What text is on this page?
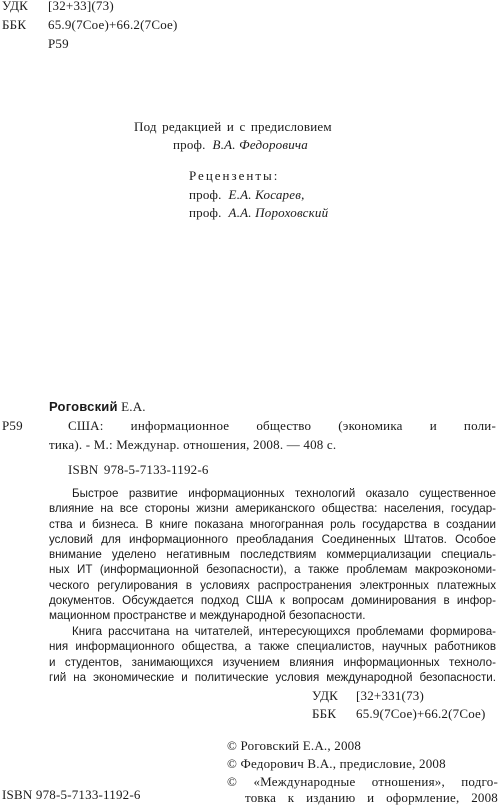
УДК [32+33](73)
ББК 65.9(7Сое)+66.2(7Сое)
Р59
Под редакцией и с предисловием
проф. В.А. Федоровича
Рецензенты:
проф. Е.А. Косарев,
проф. А.А. Пороховский
Роговский Е.А.
Р59	США: информационное общество (экономика и поли-
тика). - М.: Междунар. отношения, 2008. — 408 с.
ISBN 978-5-7133-1192-6
Быстрое развитие информационных технологий оказало существенное
влияние на все стороны жизни американского общества: населения, государ-
ства и бизнеса. В книге показана многогранная роль государства в создании
условий для информационного преобладания Соединенных Штатов. Особое
внимание уделено негативным последствиям коммерциализации специаль-
ных ИТ (информационной безопасности), а также проблемам макроэкономи-
ческого регулирования в условиях распространения электронных платежных
документов. Обсуждается подход США к вопросам доминирования в инфор-
мационном пространстве и международной безопасности.
Книга рассчитана на читателей, интересующихся проблемами формирова-
ния информационного общества, а также специалистов, научных работников
и студентов, занимающихся изучением влияния информационных техноло-
гий на экономические и политические условия международной безопасности.
УДК [32+331(73)
ББК 65.9(7Сое)+66.2(7Сое)
© Роговский Е.А., 2008
© Федорович В.А., предисловие, 2008
© «Международные отношения», подго-
ISBN 978-5-7133-1192-6	товка к изданию и оформление, 2008
